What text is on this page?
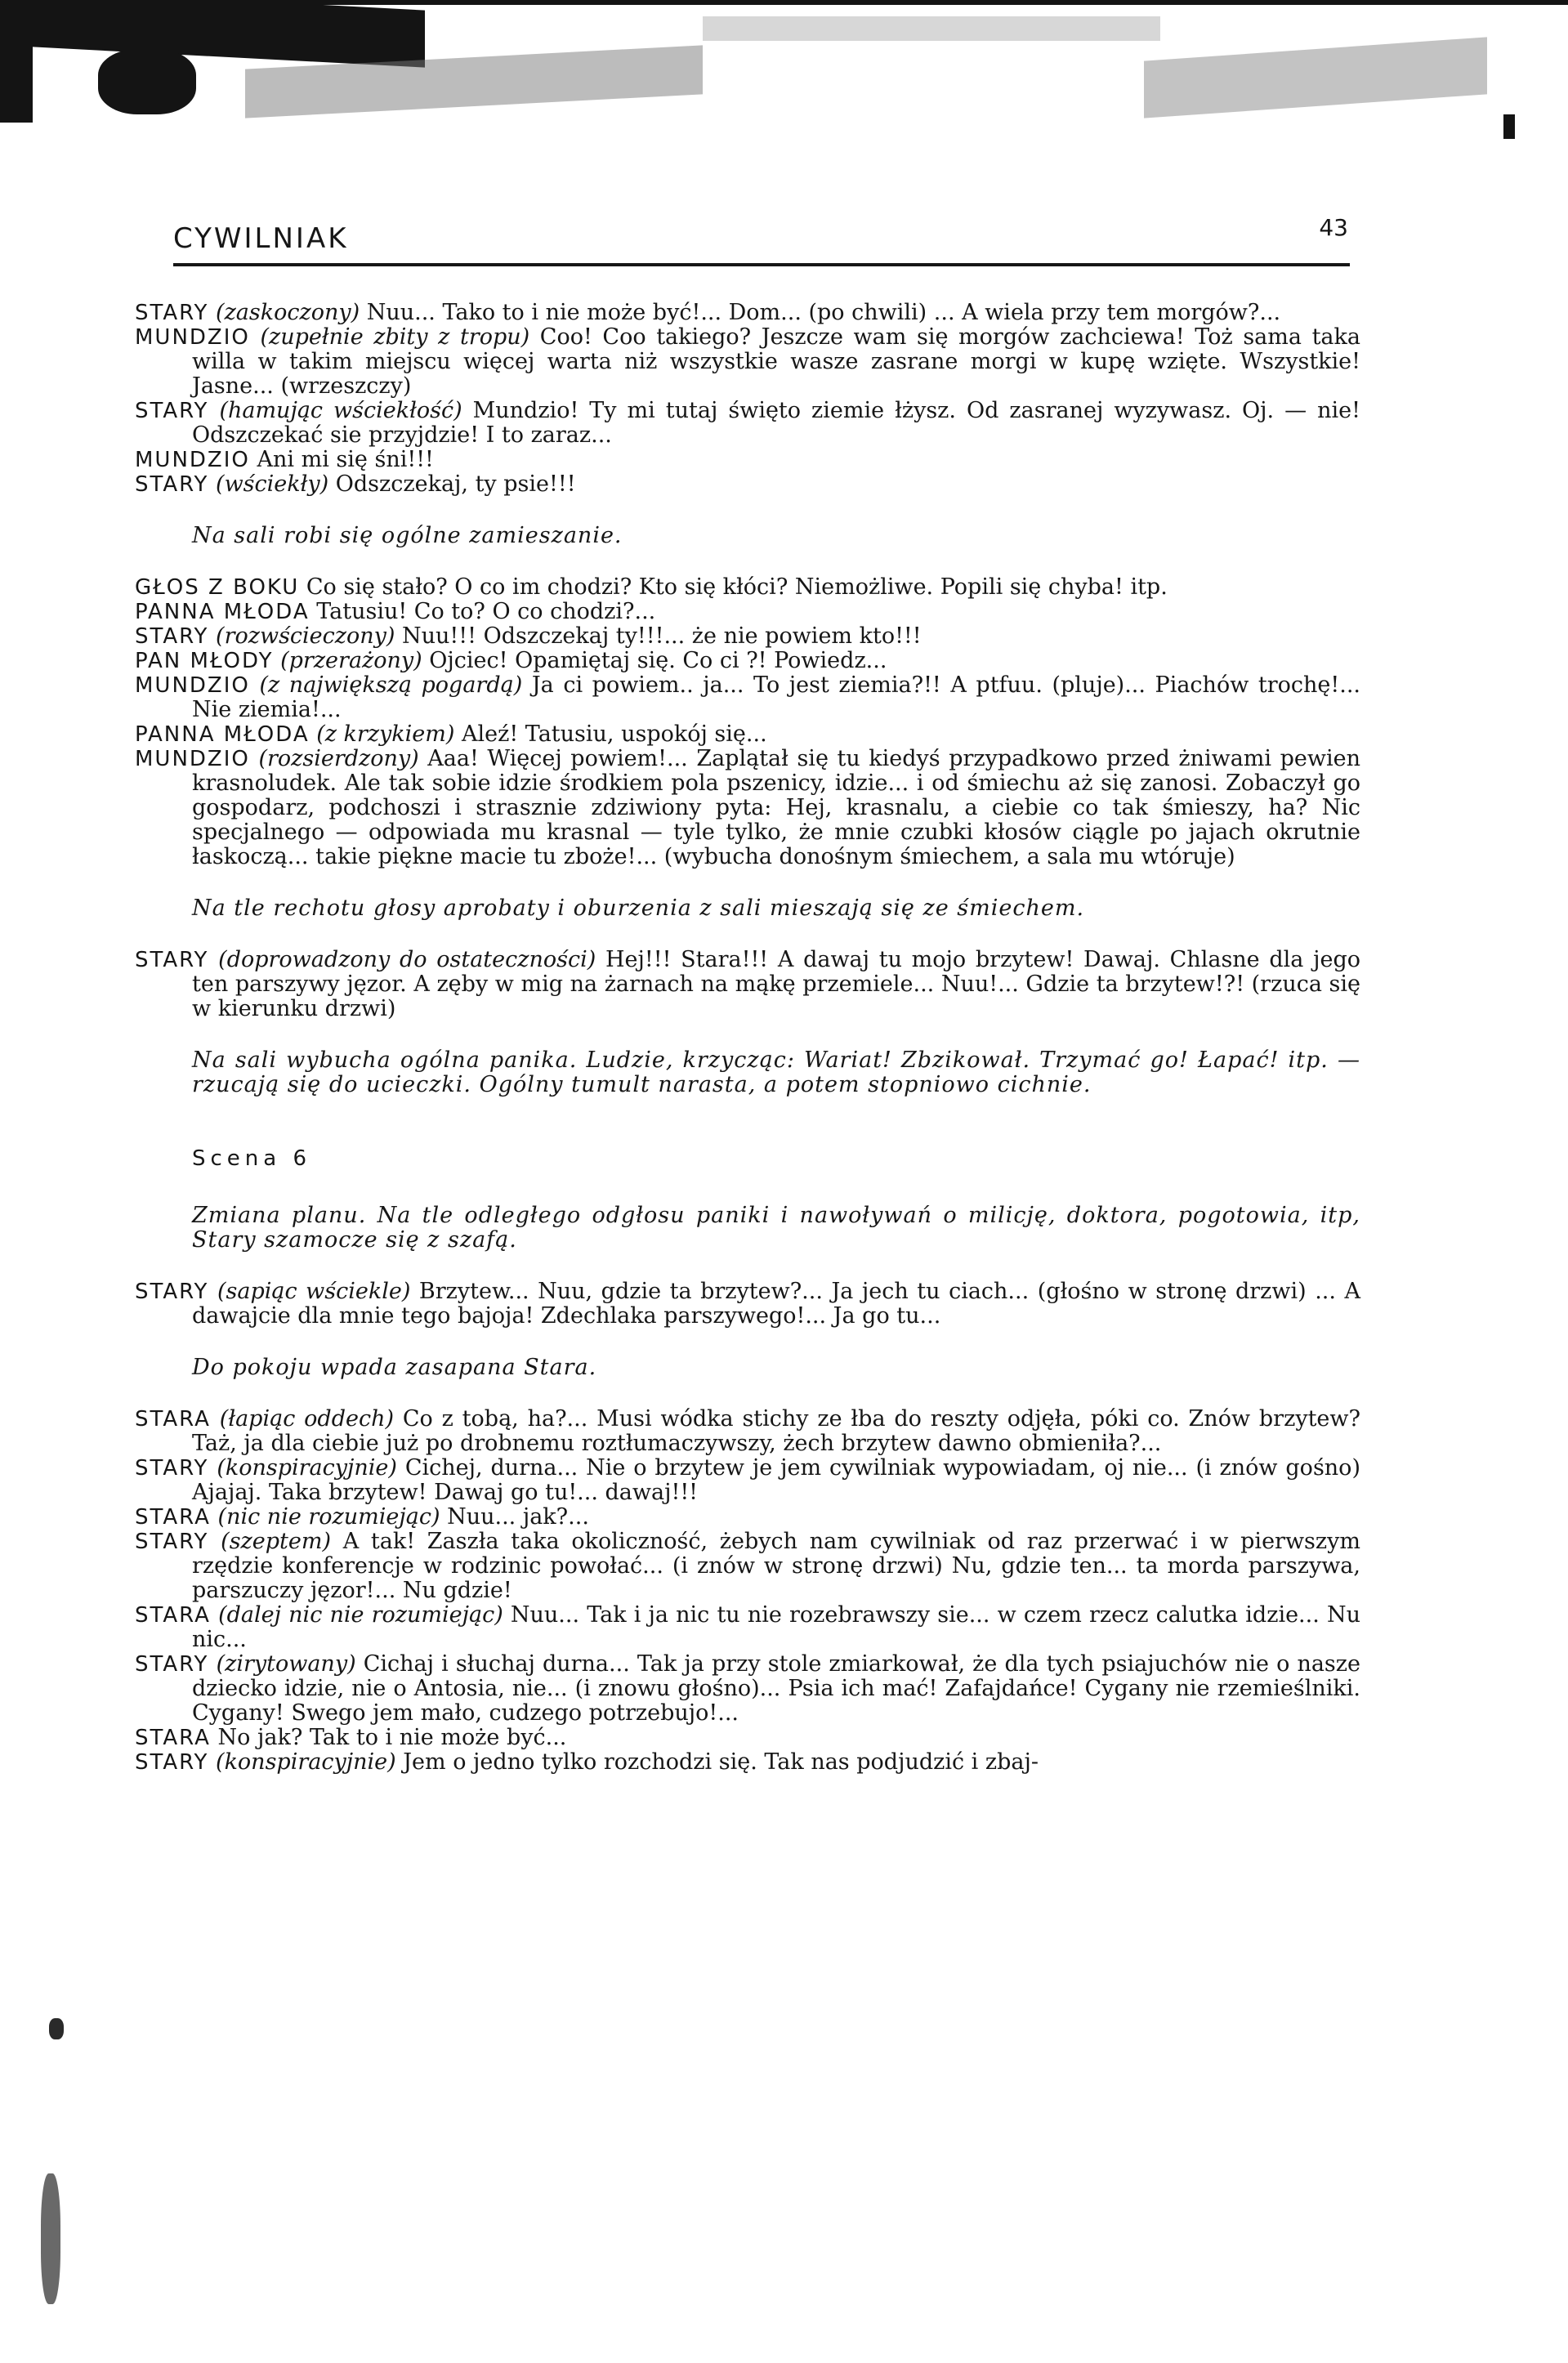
CYWILNIAK	43

STARY (zaskoczony) Nuu... Tako to i nie może być!... Dom... (po chwili) ... A wiela przy tem morgów?...

MUNDZIO (zupełnie zbity z tropu) Coo! Coo takiego? Jeszcze wam się morgów zachciewa! Toż sama taka willa w takim miejscu więcej warta niż wszystkie wasze zasrane morgi w kupę wzięte. Wszystkie! Jasne... (wrzeszczy)

STARY (hamując wściekłość) Mundzio! Ty mi tutaj święto ziemie łżysz. Od zasranej wyzywasz. Oj. — nie! Odszczekać sie przyjdzie! I to zaraz...

MUNDZIO Ani mi się śni!!!

STARY (wściekły) Odszczekaj, ty psie!!!

Na sali robi się ogólne zamieszanie.

GŁOS Z BOKU Co się stało? O co im chodzi? Kto się kłóci? Niemożliwe. Popili się chyba! itp.

PANNA MŁODA Tatusiu! Co to? O co chodzi?...

STARY (rozwścieczony) Nuu!!! Odszczekaj ty!!!... że nie powiem kto!!!

PAN MŁODY (przerażony) Ojciec! Opamiętaj się. Co ci ?! Powiedz...

MUNDZIO (z największą pogardą) Ja ci powiem.. ja... To jest ziemia?!! A ptfuu. (pluje)... Piachów trochę!... Nie ziemia!...

PANNA MŁODA (z krzykiem) Aleź! Tatusiu, uspokój się...

MUNDZIO (rozsierdzony) Aaa! Więcej powiem!... Zaplątał się tu kiedyś przypadkowo przed żniwami pewien krasnoludek. Ale tak sobie idzie środkiem pola pszenicy, idzie... i od śmiechu aż się zanosi. Zobaczył go gospodarz, podchoszi i strasznie zdziwiony pyta: Hej, krasnalu, a ciebie co tak śmieszy, ha? Nic specjalnego — odpowiada mu krasnal — tyle tylko, że mnie czubki kłosów ciągle po jajach okrutnie łaskoczą... takie piękne macie tu zboże!... (wybucha donośnym śmiechem, a sala mu wtóruje)

Na tle rechotu głosy aprobaty i oburzenia z sali mieszają się ze śmiechem.

STARY (doprowadzony do ostateczności) Hej!!! Stara!!! A dawaj tu mojo brzytew! Dawaj. Chlasne dla jego ten parszywy jęzor. A zęby w mig na żarnach na mąkę przemiele... Nuu!... Gdzie ta brzytew!?! (rzuca się w kierunku drzwi)

Na sali wybucha ogólna panika. Ludzie, krzycząc: Wariat! Zbzikował. Trzymać go! Łapać! itp. — rzucają się do ucieczki. Ogólny tumult narasta, a potem stopniowo cichnie.

Scena 6

Zmiana planu. Na tle odległego odgłosu paniki i nawoływań o milicję, doktora, pogotowia, itp, Stary szamocze się z szafą.

STARY (sapiąc wściekle) Brzytew... Nuu, gdzie ta brzytew?... Ja jech tu ciach... (głośno w stronę drzwi) ... A dawajcie dla mnie tego bajoja! Zdechlaka parszywego!... Ja go tu...

Do pokoju wpada zasapana Stara.

STARA (łapiąc oddech) Co z tobą, ha?... Musi wódka stichy ze łba do reszty odjęła, póki co. Znów brzytew? Taż, ja dla ciebie już po drobnemu roztłumaczywszy, żech brzytew dawno obmieniła?...

STARY (konspiracyjnie) Cichej, durna... Nie o brzytew je jem cywilniak wypowiadam, oj nie... (i znów gośno) Ajajaj. Taka brzytew! Dawaj go tu!... dawaj!!!

STARA (nic nie rozumiejąc) Nuu... jak?...

STARY (szeptem) A tak! Zaszła taka okoliczność, żebych nam cywilniak od raz przerwać i w pierwszym rzędzie konferencje w rodzinic powołać... (i znów w stronę drzwi) Nu, gdzie ten... ta morda parszywa, parszuczy jęzor!... Nu gdzie!

STARA (dalej nic nie rozumiejąc) Nuu... Tak i ja nic tu nie rozebrawszy sie... w czem rzecz calutka idzie... Nu nic...

STARY (zirytowany) Cichaj i słuchaj durna... Tak ja przy stole zmiarkował, że dla tych psiajuchów nie o nasze dziecko idzie, nie o Antosia, nie... (i znowu głośno)... Psia ich mać! Zafajdańce! Cygany nie rzemieślniki. Cygany! Swego jem mało, cudzego potrzebujo!...

STARA No jak? Tak to i nie może być...

STARY (konspiracyjnie) Jem o jedno tylko rozchodzi się. Tak nas podjudzić i zbaj-
